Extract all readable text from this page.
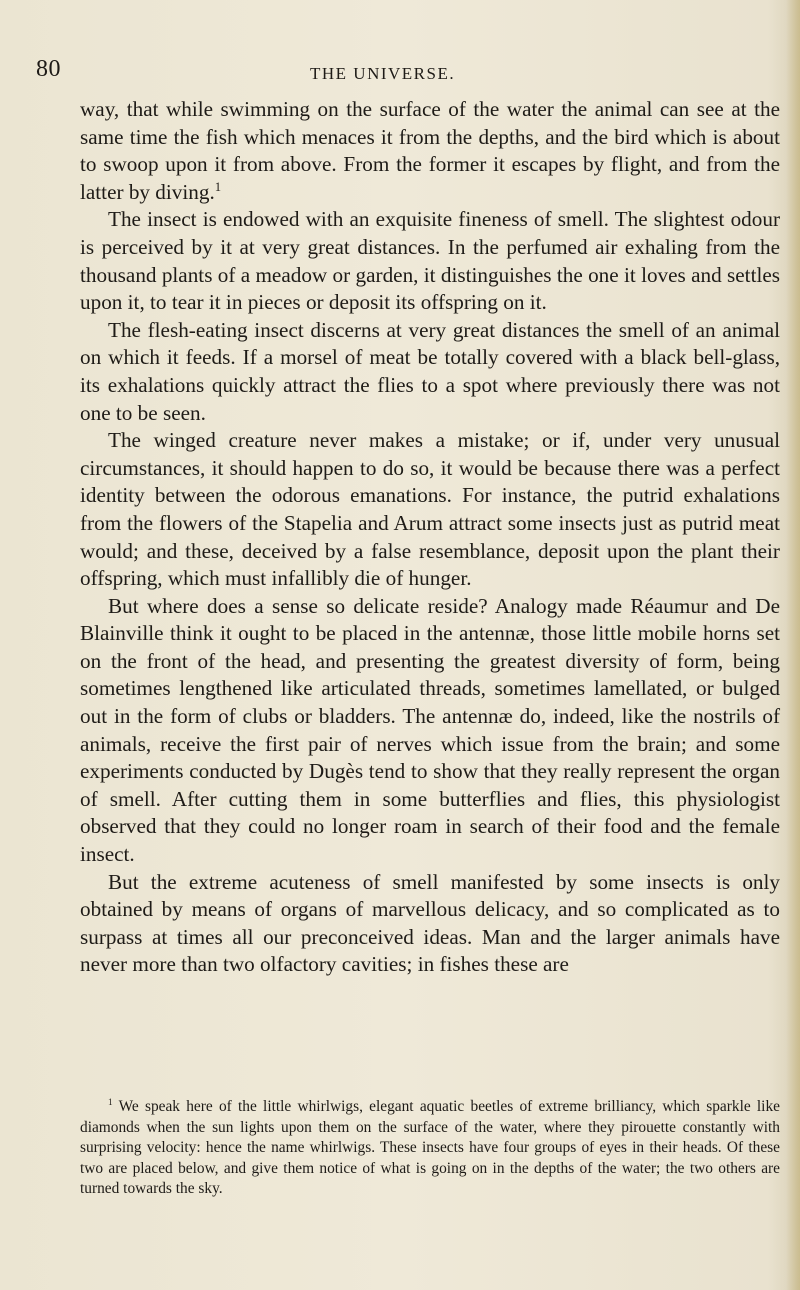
80	THE UNIVERSE.

way, that while swimming on the surface of the water the animal can see at the same time the fish which menaces it from the depths, and the bird which is about to swoop upon it from above. From the former it escapes by flight, and from the latter by diving.$^1$

The insect is endowed with an exquisite fineness of smell. The slightest odour is perceived by it at very great distances. In the perfumed air exhaling from the thousand plants of a meadow or garden, it distinguishes the one it loves and settles upon it, to tear it in pieces or deposit its offspring on it.

The flesh-eating insect discerns at very great distances the smell of an animal on which it feeds. If a morsel of meat be totally covered with a black bell-glass, its exhalations quickly attract the flies to a spot where previously there was not one to be seen.

The winged creature never makes a mistake; or if, under very unusual circumstances, it should happen to do so, it would be because there was a perfect identity between the odorous emanations. For instance, the putrid exhalations from the flowers of the Stapelia and Arum attract some insects just as putrid meat would; and these, deceived by a false resemblance, deposit upon the plant their offspring, which must infallibly die of hunger.

But where does a sense so delicate reside? Analogy made Réaumur and De Blainville think it ought to be placed in the antennæ, those little mobile horns set on the front of the head, and presenting the greatest diversity of form, being sometimes lengthened like articulated threads, sometimes lamellated, or bulged out in the form of clubs or bladders. The antennæ do, indeed, like the nostrils of animals, receive the first pair of nerves which issue from the brain; and some experiments conducted by Dugès tend to show that they really represent the organ of smell. After cutting them in some butterflies and flies, this physiologist observed that they could no longer roam in search of their food and the female insect.

But the extreme acuteness of smell manifested by some insects is only obtained by means of organs of marvellous delicacy, and so complicated as to surpass at times all our preconceived ideas. Man and the larger animals have never more than two olfactory cavities; in fishes these are

$^1$ We speak here of the little whirlwigs, elegant aquatic beetles of extreme brilliancy, which sparkle like diamonds when the sun lights upon them on the surface of the water, where they pirouette constantly with surprising velocity: hence the name whirlwigs. These insects have four groups of eyes in their heads. Of these two are placed below, and give them notice of what is going on in the depths of the water; the two others are turned towards the sky.
